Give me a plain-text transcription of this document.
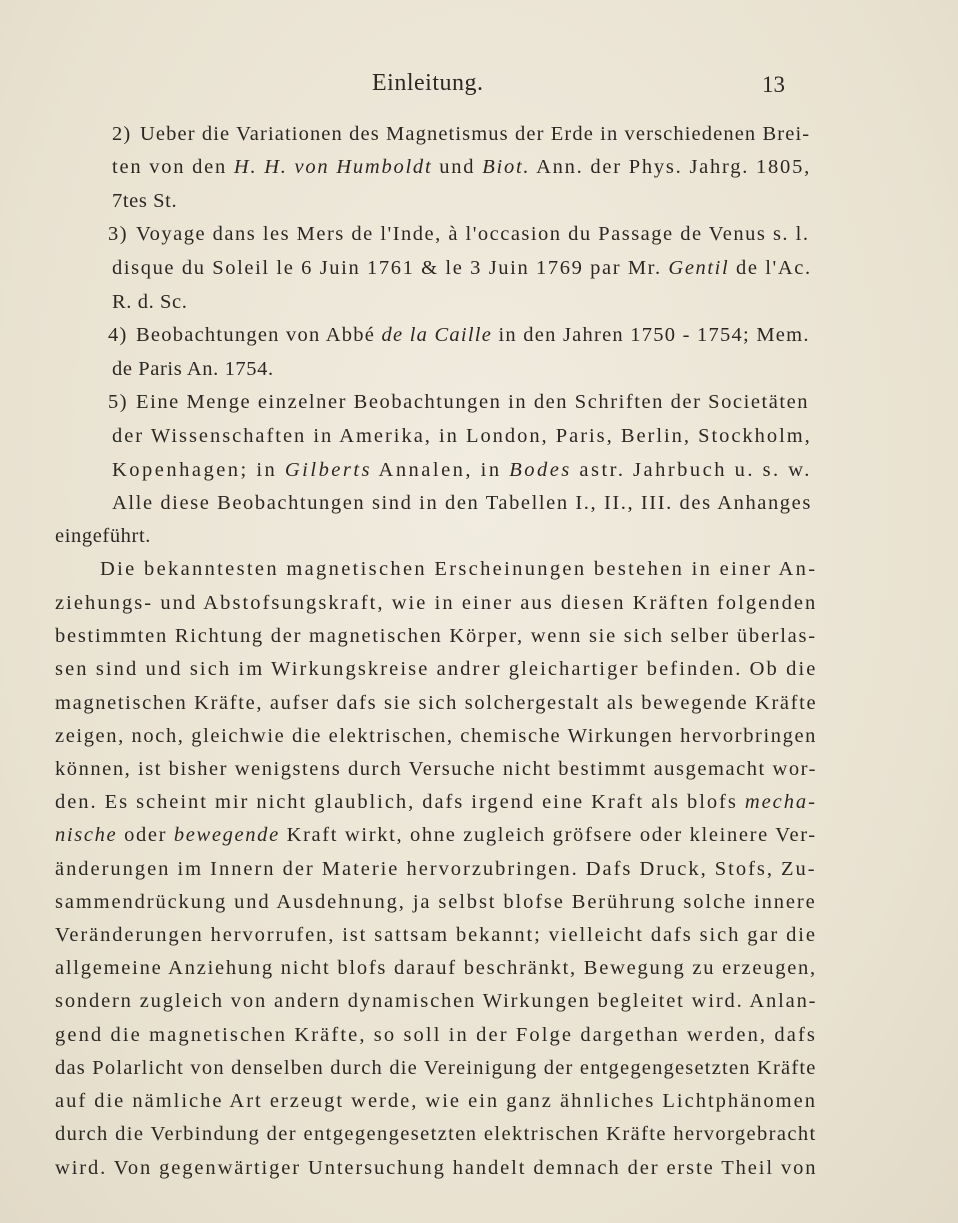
Einleitung.	13
2)Ueber die Variationen des Magnetismus der Erde in verschiedenen Brei-
ten von den H. H. von Humboldt und Biot. Ann. der Phys. Jahrg. 1805,
7tes St.
3)Voyage dans les Mers de l'Inde, à l'occasion du Passage de Venus s. l.
disque du Soleil le 6 Juin 1761 & le 3 Juin 1769 par Mr. Gentil de l'Ac.
R. d. Sc.
4)Beobachtungen von Abbé de la Caille in den Jahren 1750 - 1754; Mem.
de Paris An. 1754.
5)Eine Menge einzelner Beobachtungen in den Schriften der Societäten
der Wissenschaften in Amerika, in London, Paris, Berlin, Stockholm,
Kopenhagen; in Gilberts Annalen, in Bodes astr. Jahrbuch u. s. w.
Alle diese Beobachtungen sind in den Tabellen I., II., III. des Anhanges
eingeführt.
Die bekanntesten magnetischen Erscheinungen bestehen in einer An-
ziehungs- und Abstofsungskraft, wie in einer aus diesen Kräften folgenden
bestimmten Richtung der magnetischen Körper, wenn sie sich selber überlas-
sen sind und sich im Wirkungskreise andrer gleichartiger befinden. Ob die
magnetischen Kräfte, aufser dafs sie sich solchergestalt als bewegende Kräfte
zeigen, noch, gleichwie die elektrischen, chemische Wirkungen hervorbringen
können, ist bisher wenigstens durch Versuche nicht bestimmt ausgemacht wor-
den. Es scheint mir nicht glaublich, dafs irgend eine Kraft als blofs mecha-
nische oder bewegende Kraft wirkt, ohne zugleich gröfsere oder kleinere Ver-
änderungen im Innern der Materie hervorzubringen. Dafs Druck, Stofs, Zu-
sammendrückung und Ausdehnung, ja selbst blofse Berührung solche innere
Veränderungen hervorrufen, ist sattsam bekannt; vielleicht dafs sich gar die
allgemeine Anziehung nicht blofs darauf beschränkt, Bewegung zu erzeugen,
sondern zugleich von andern dynamischen Wirkungen begleitet wird. Anlan-
gend die magnetischen Kräfte, so soll in der Folge dargethan werden, dafs
das Polarlicht von denselben durch die Vereinigung der entgegengesetzten Kräfte
auf die nämliche Art erzeugt werde, wie ein ganz ähnliches Lichtphänomen
durch die Verbindung der entgegengesetzten elektrischen Kräfte hervorgebracht
wird. Von gegenwärtiger Untersuchung handelt demnach der erste Theil von
